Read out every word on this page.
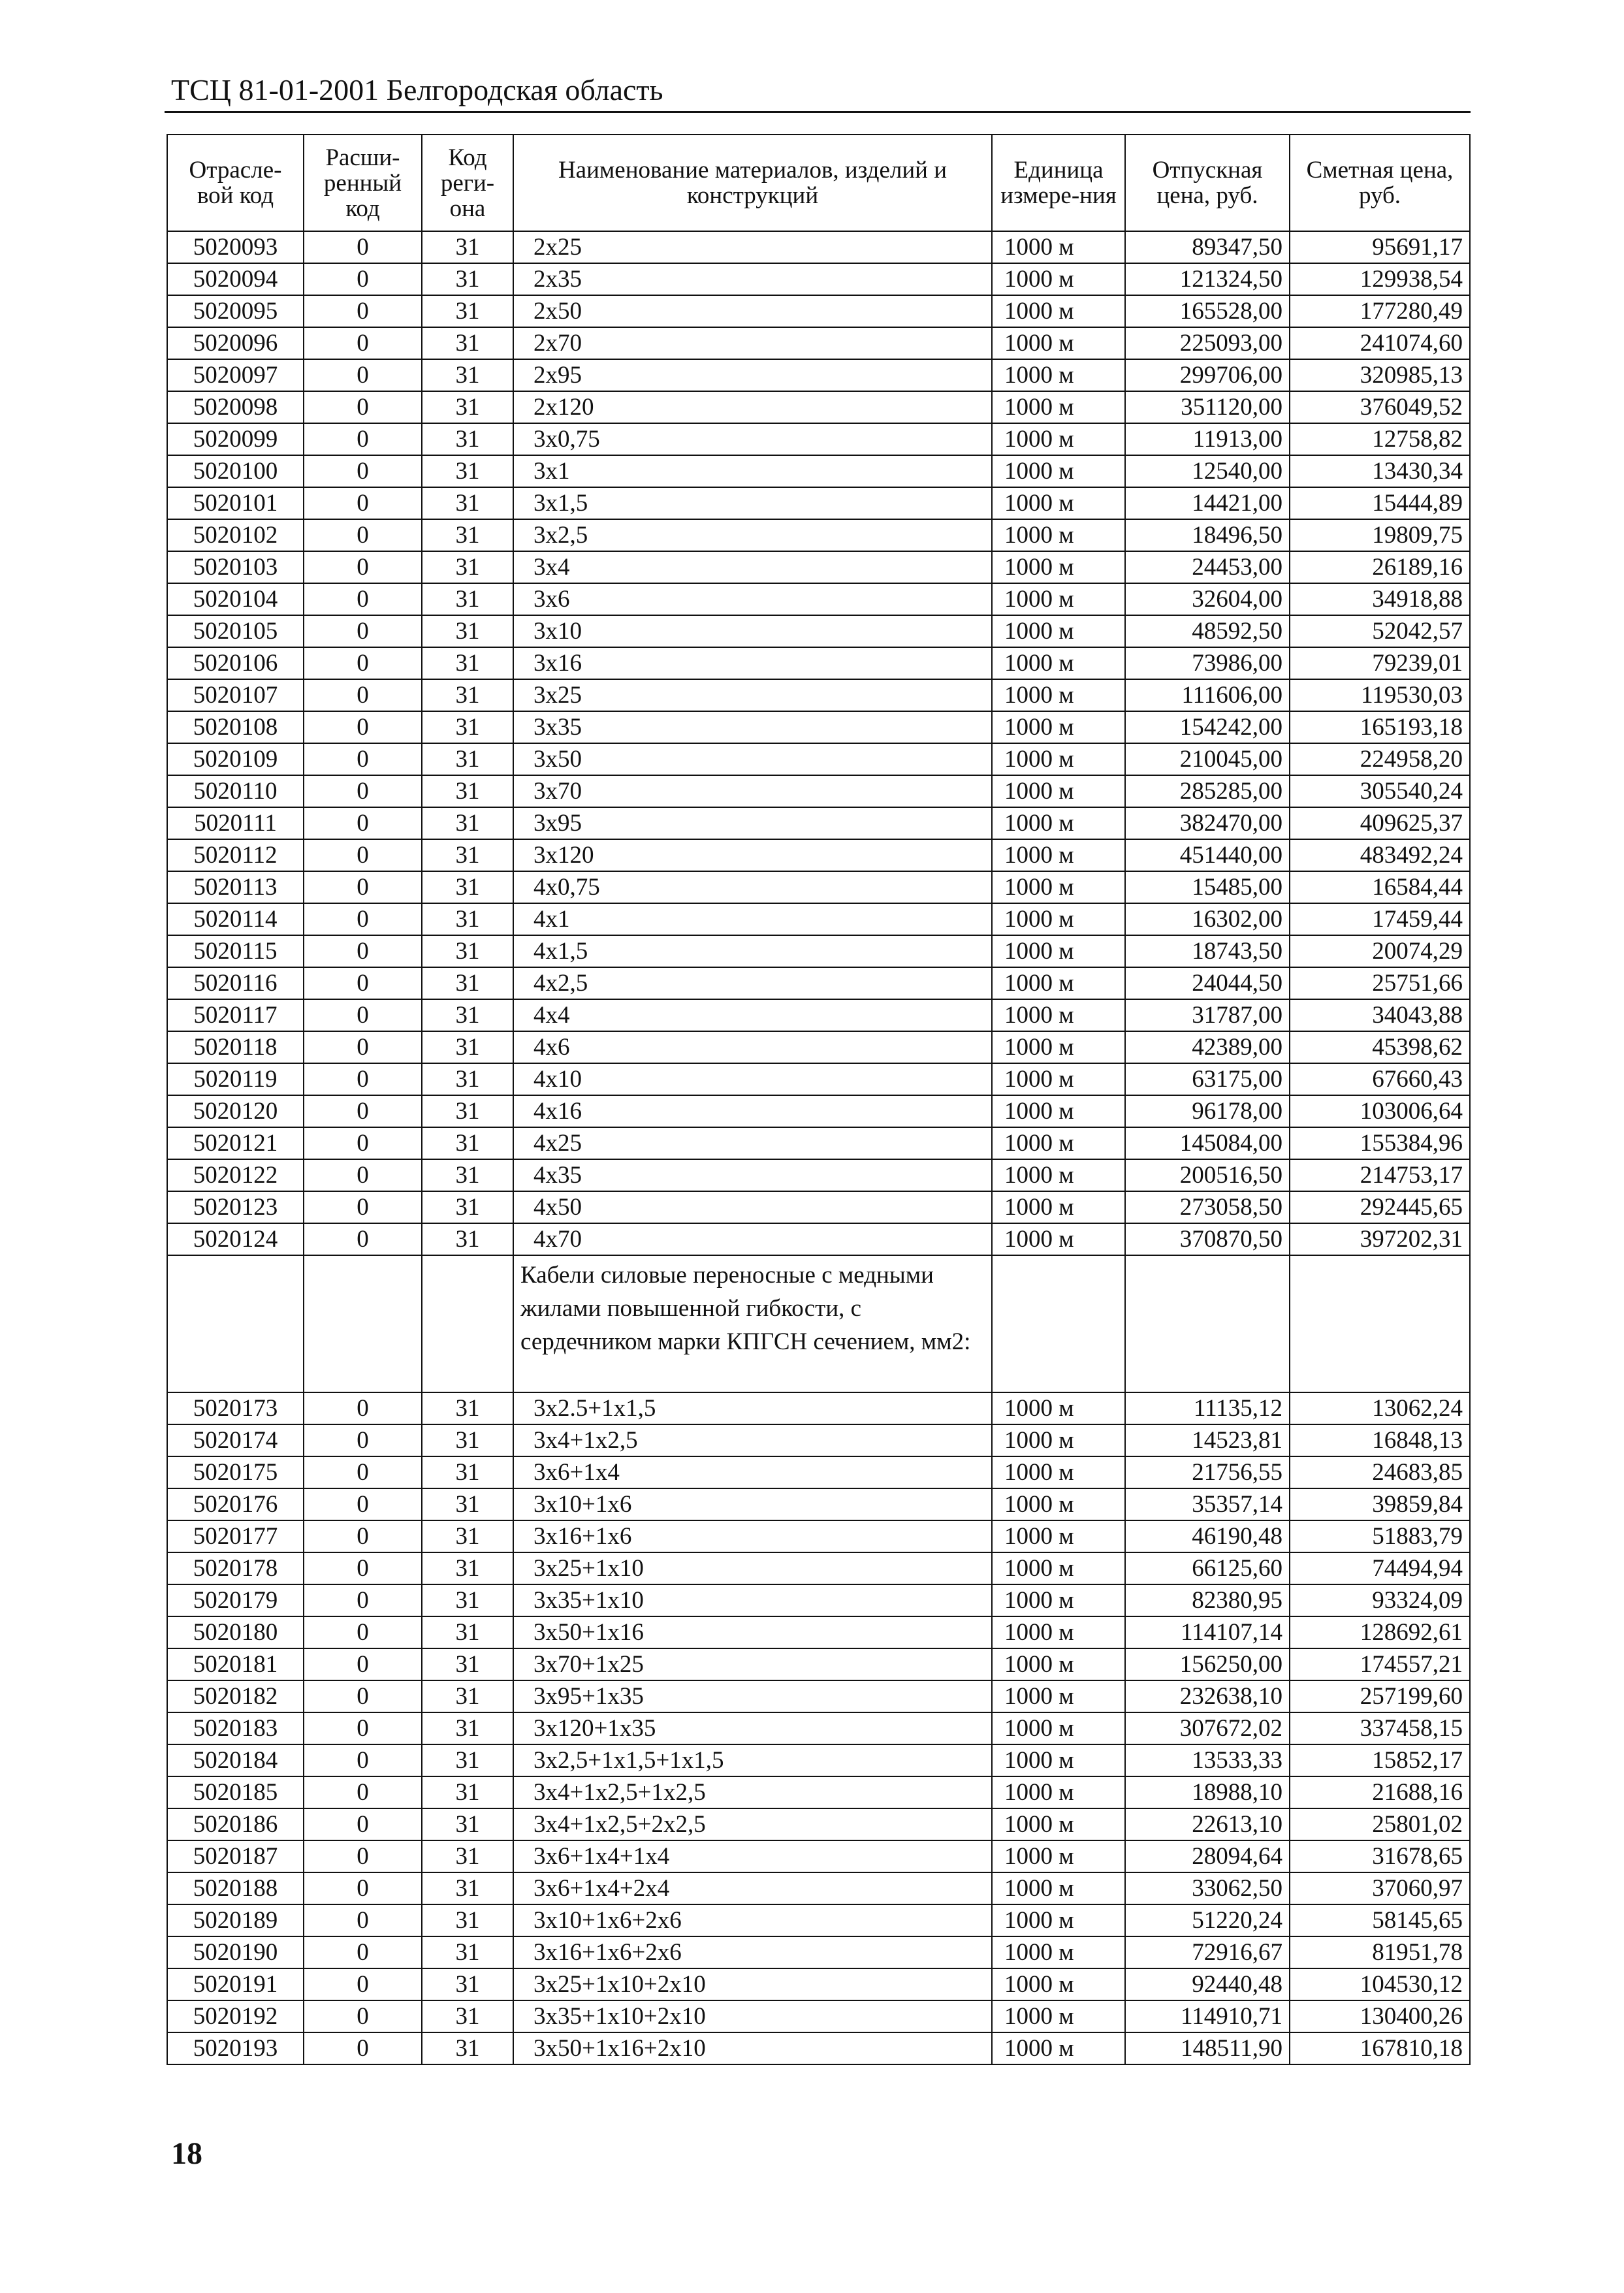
ТСЦ 81-01-2001 Белгородская область
Отрасле-вой код	Расши-ренный код	Код реги-она	Наименование материалов, изделий и конструкций	Единица измере-ния	Отпускная цена, руб.	Сметная цена, руб.
5020093	0	31	2x25	1000 м	89347,50	95691,17
5020094	0	31	2x35	1000 м	121324,50	129938,54
5020095	0	31	2x50	1000 м	165528,00	177280,49
5020096	0	31	2x70	1000 м	225093,00	241074,60
5020097	0	31	2x95	1000 м	299706,00	320985,13
5020098	0	31	2x120	1000 м	351120,00	376049,52
5020099	0	31	3x0,75	1000 м	11913,00	12758,82
5020100	0	31	3x1	1000 м	12540,00	13430,34
5020101	0	31	3x1,5	1000 м	14421,00	15444,89
5020102	0	31	3x2,5	1000 м	18496,50	19809,75
5020103	0	31	3x4	1000 м	24453,00	26189,16
5020104	0	31	3x6	1000 м	32604,00	34918,88
5020105	0	31	3x10	1000 м	48592,50	52042,57
5020106	0	31	3x16	1000 м	73986,00	79239,01
5020107	0	31	3x25	1000 м	111606,00	119530,03
5020108	0	31	3x35	1000 м	154242,00	165193,18
5020109	0	31	3x50	1000 м	210045,00	224958,20
5020110	0	31	3x70	1000 м	285285,00	305540,24
5020111	0	31	3x95	1000 м	382470,00	409625,37
5020112	0	31	3x120	1000 м	451440,00	483492,24
5020113	0	31	4x0,75	1000 м	15485,00	16584,44
5020114	0	31	4x1	1000 м	16302,00	17459,44
5020115	0	31	4x1,5	1000 м	18743,50	20074,29
5020116	0	31	4x2,5	1000 м	24044,50	25751,66
5020117	0	31	4x4	1000 м	31787,00	34043,88
5020118	0	31	4x6	1000 м	42389,00	45398,62
5020119	0	31	4x10	1000 м	63175,00	67660,43
5020120	0	31	4x16	1000 м	96178,00	103006,64
5020121	0	31	4x25	1000 м	145084,00	155384,96
5020122	0	31	4x35	1000 м	200516,50	214753,17
5020123	0	31	4x50	1000 м	273058,50	292445,65
5020124	0	31	4x70	1000 м	370870,50	397202,31
			Кабели силовые переносные с медными жилами повышенной гибкости, с сердечником марки КПГСН сечением, мм2:			
5020173	0	31	3x2.5+1x1,5	1000 м	11135,12	13062,24
5020174	0	31	3x4+1x2,5	1000 м	14523,81	16848,13
5020175	0	31	3x6+1x4	1000 м	21756,55	24683,85
5020176	0	31	3x10+1x6	1000 м	35357,14	39859,84
5020177	0	31	3x16+1x6	1000 м	46190,48	51883,79
5020178	0	31	3x25+1x10	1000 м	66125,60	74494,94
5020179	0	31	3x35+1x10	1000 м	82380,95	93324,09
5020180	0	31	3x50+1x16	1000 м	114107,14	128692,61
5020181	0	31	3x70+1x25	1000 м	156250,00	174557,21
5020182	0	31	3x95+1x35	1000 м	232638,10	257199,60
5020183	0	31	3x120+1x35	1000 м	307672,02	337458,15
5020184	0	31	3x2,5+1x1,5+1x1,5	1000 м	13533,33	15852,17
5020185	0	31	3x4+1x2,5+1x2,5	1000 м	18988,10	21688,16
5020186	0	31	3x4+1x2,5+2x2,5	1000 м	22613,10	25801,02
5020187	0	31	3x6+1x4+1x4	1000 м	28094,64	31678,65
5020188	0	31	3x6+1x4+2x4	1000 м	33062,50	37060,97
5020189	0	31	3x10+1x6+2x6	1000 м	51220,24	58145,65
5020190	0	31	3x16+1x6+2x6	1000 м	72916,67	81951,78
5020191	0	31	3x25+1x10+2x10	1000 м	92440,48	104530,12
5020192	0	31	3x35+1x10+2x10	1000 м	114910,71	130400,26
5020193	0	31	3x50+1x16+2x10	1000 м	148511,90	167810,18
18
